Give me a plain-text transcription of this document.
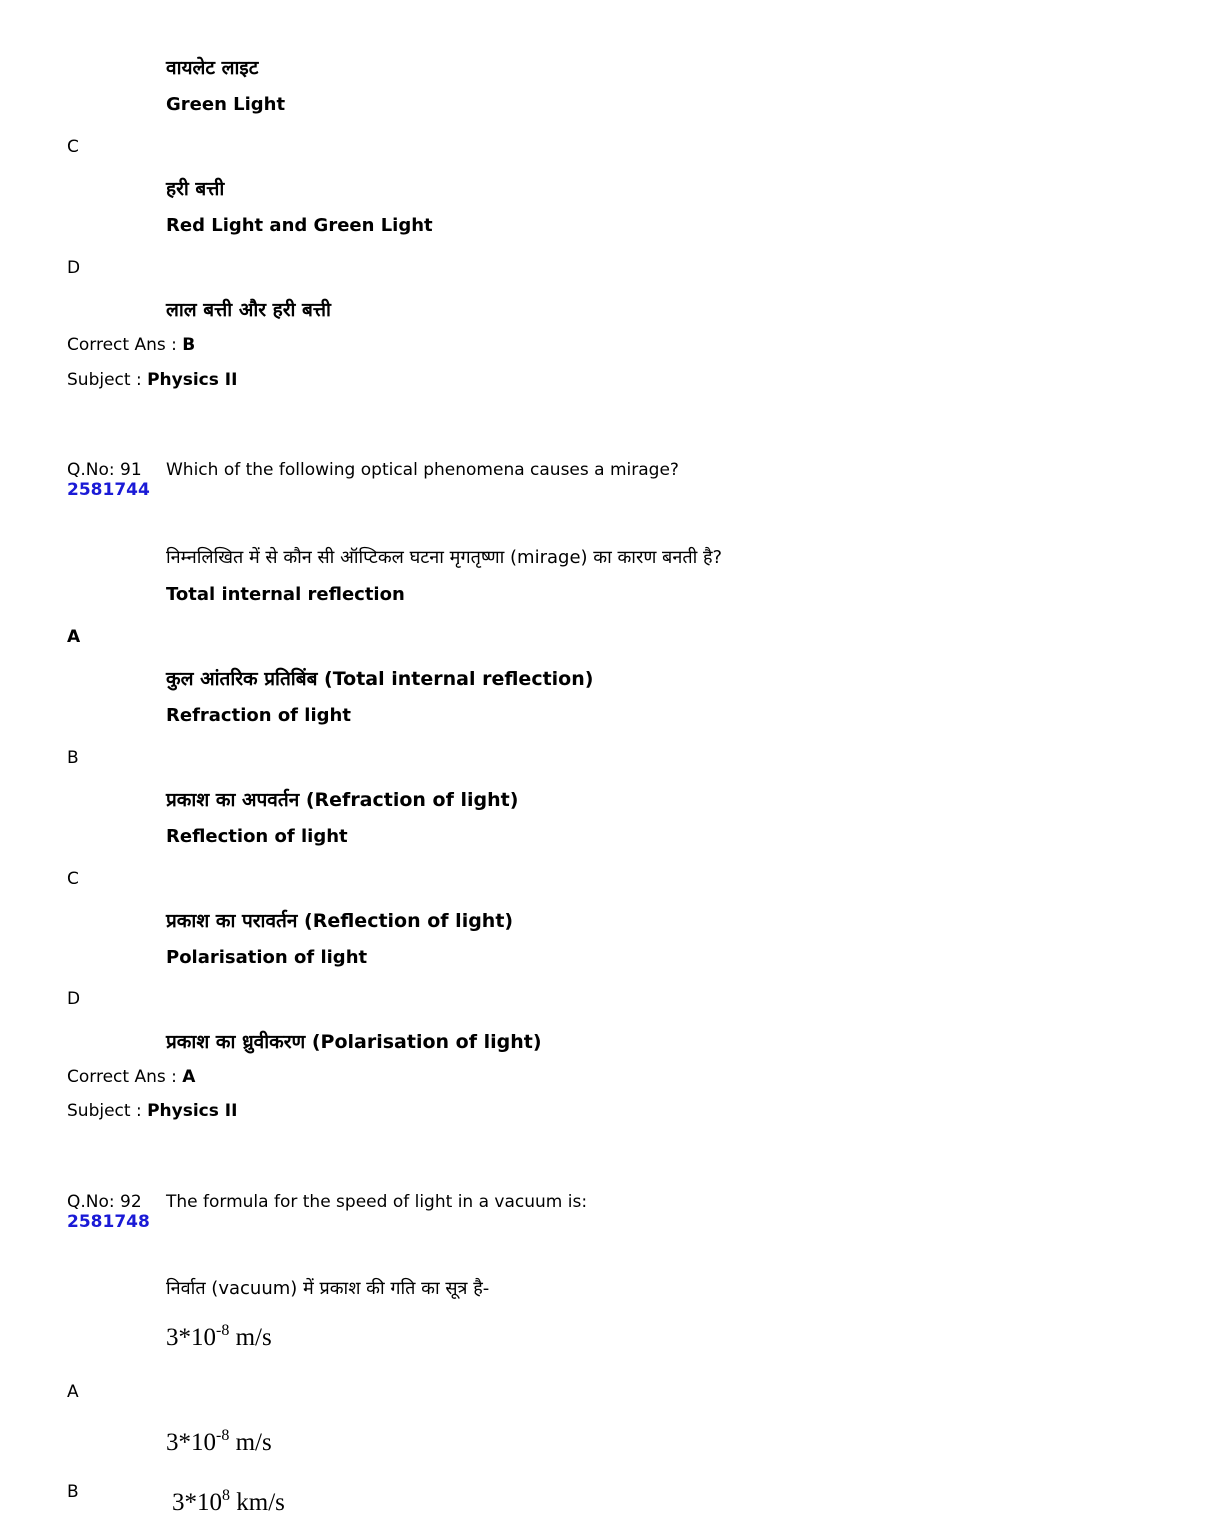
वायलेट लाइट
Green Light
C
हरी बत्ती
Red Light and Green Light
D
लाल बत्ती और हरी बत्ती
Correct Ans : B
Subject : Physics II
Q.No: 91
2581744
Which of the following optical phenomena causes a mirage?
निम्नलिखित में से कौन सी ऑप्टिकल घटना मृगतृष्णा (mirage) का कारण बनती है?
Total internal reflection
A
कुल आंतरिक प्रतिबिंब (Total internal reflection)
Refraction of light
B
प्रकाश का अपवर्तन (Refraction of light)
Reflection of light
C
प्रकाश का परावर्तन (Reflection of light)
Polarisation of light
D
प्रकाश का ध्रुवीकरण (Polarisation of light)
Correct Ans : A
Subject : Physics II
Q.No: 92
2581748
The formula for the speed of light in a vacuum is:
निर्वात (vacuum) में प्रकाश की गति का सूत्र है-
$3*10^{-8}$ m/s
A
$3*10^{-8}$ m/s
B	$3*10^8$ km/s
